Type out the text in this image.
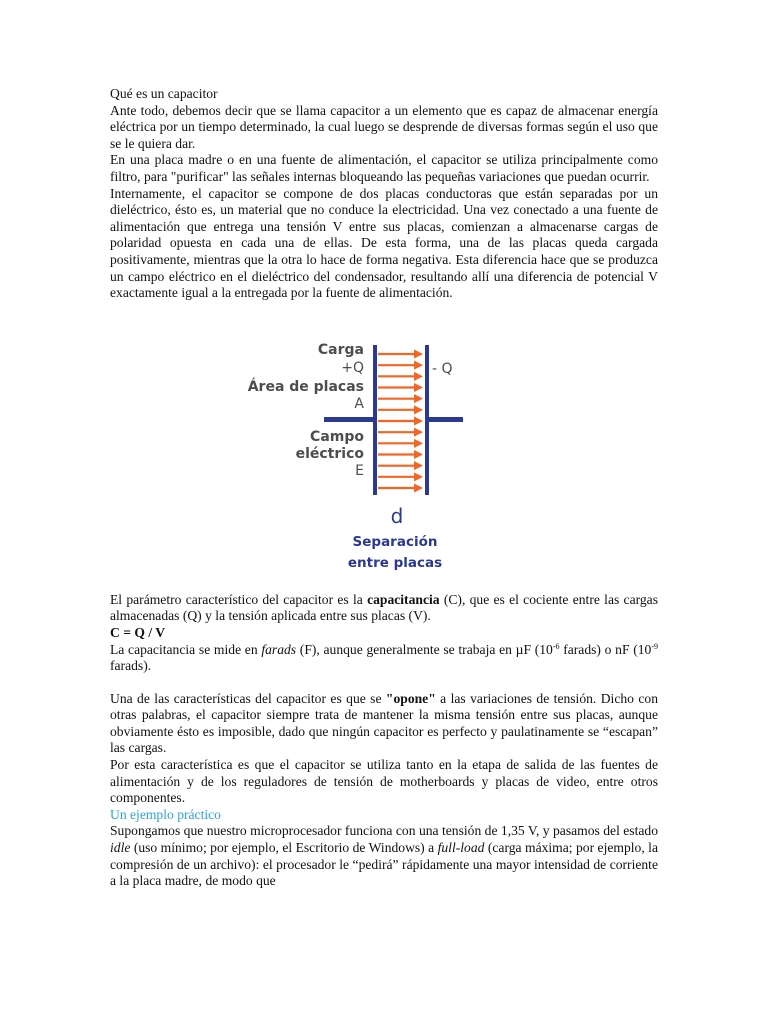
Qué es un capacitor

Ante todo, debemos decir que se llama capacitor a un elemento que es capaz de almacenar energía eléctrica por un tiempo determinado, la cual luego se desprende de diversas formas según el uso que se le quiera dar.

En una placa madre o en una fuente de alimentación, el capacitor se utiliza principalmente como filtro, para "purificar" las señales internas bloqueando las pequeñas variaciones que puedan ocurrir.

Internamente, el capacitor se compone de dos placas conductoras que están separadas por un dieléctrico, ésto es, un material que no conduce la electricidad. Una vez conectado a una fuente de alimentación que entrega una tensión V entre sus placas, comienzan a almacenarse cargas de polaridad opuesta en cada una de ellas. De esta forma, una de las placas queda cargada positivamente, mientras que la otra lo hace de forma negativa. Esta diferencia hace que se produzca un campo eléctrico en el dieléctrico del condensador, resultando allí una diferencia de potencial V exactamente igual a la entregada por la fuente de alimentación.

Carga
+Q
Área de placas
A
Campo
eléctrico
E
- Q
d
Separación
entre placas

El parámetro característico del capacitor es la capacitancia (C), que es el cociente entre las cargas almacenadas (Q) y la tensión aplicada entre sus placas (V).

C = Q / V

La capacitancia se mide en farads (F), aunque generalmente se trabaja en µF ($10^{-6}$ farads) o nF ($10^{-9}$ farads).

Una de las características del capacitor es que se "opone" a las variaciones de tensión. Dicho con otras palabras, el capacitor siempre trata de mantener la misma tensión entre sus placas, aunque obviamente ésto es imposible, dado que ningún capacitor es perfecto y paulatinamente se “escapan” las cargas.

Por esta característica es que el capacitor se utiliza tanto en la etapa de salida de las fuentes de alimentación y de los reguladores de tensión de motherboards y placas de video, entre otros componentes.

Un ejemplo práctico

Supongamos que nuestro microprocesador funciona con una tensión de 1,35 V, y pasamos del estado idle (uso mínimo; por ejemplo, el Escritorio de Windows) a full-load (carga máxima; por ejemplo, la compresión de un archivo): el procesador le “pedirá” rápidamente una mayor intensidad de corriente a la placa madre, de modo que
